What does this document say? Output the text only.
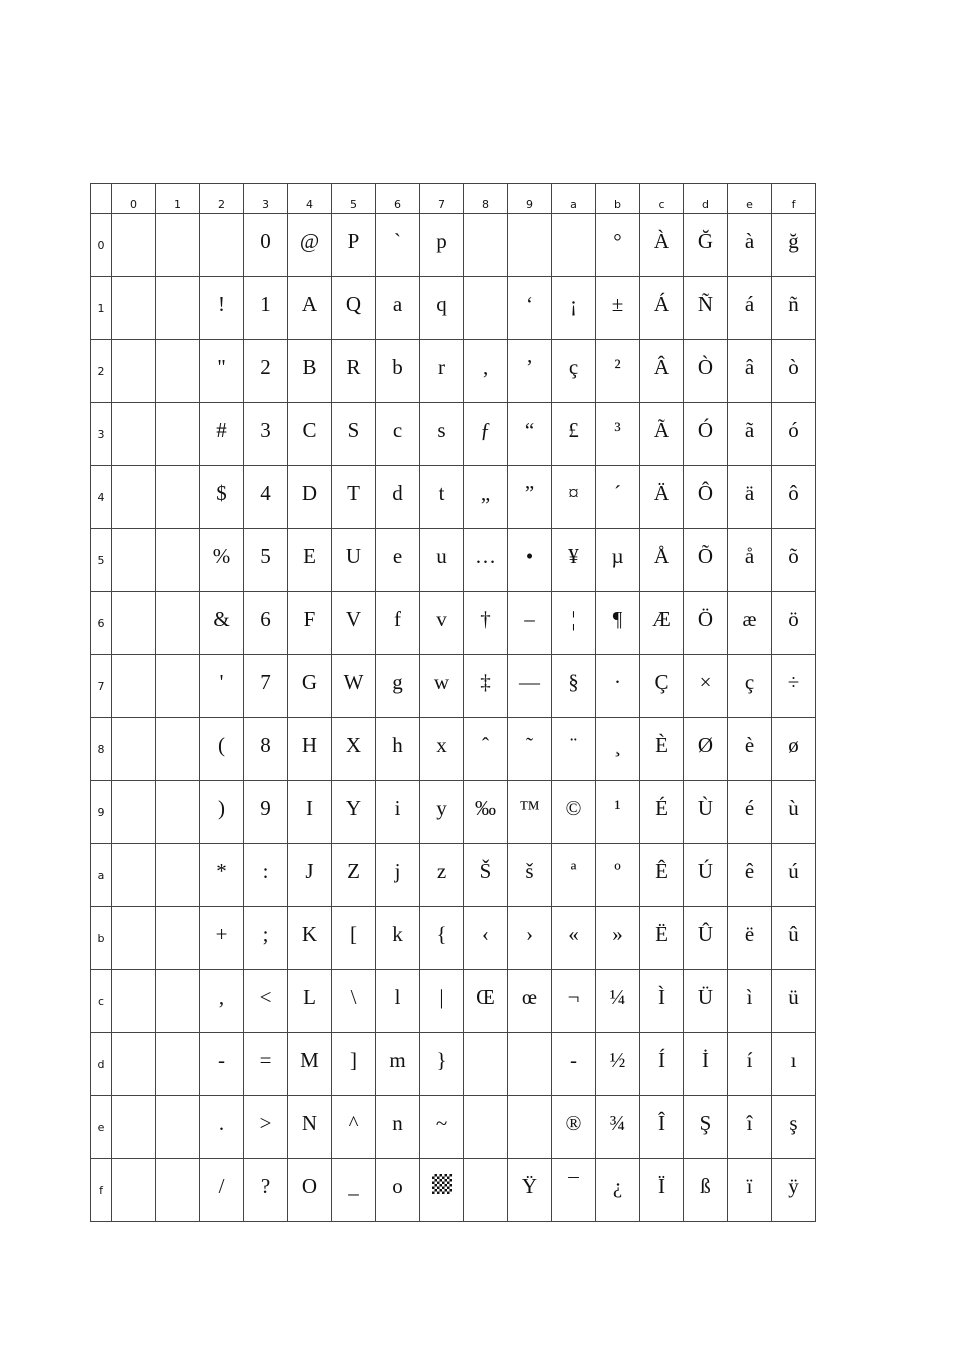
	0	1	2	3	4	5	6	7	8	9	a	b	c	d	e	f
0				0	@	P	`	p				°	À	Ğ	à	ğ
1			!	1	A	Q	a	q		‘	¡	±	Á	Ñ	á	ñ
2			"	2	B	R	b	r	‚	’	ç	²	Â	Ò	â	ò
3			#	3	C	S	c	s	ƒ	“	£	³	Ã	Ó	ã	ó
4			$	4	D	T	d	t	„	”	¤	´	Ä	Ô	ä	ô
5			%	5	E	U	e	u	…	•	¥	µ	Å	Õ	å	õ
6			&	6	F	V	f	v	†	–	¦	¶	Æ	Ö	æ	ö
7			'	7	G	W	g	w	‡	—	§	·	Ç	×	ç	÷
8			(	8	H	X	h	x	ˆ	˜	¨	¸	È	Ø	è	ø
9			)	9	I	Y	i	y	‰	™	©	¹	É	Ù	é	ù
a			*	:	J	Z	j	z	Š	š	ª	º	Ê	Ú	ê	ú
b			+	;	K	[	k	{	‹	›	«	»	Ë	Û	ë	û
c			,	<	L	\	l	|	Œ	œ	¬	¼	Ì	Ü	ì	ü
d			-	=	M	]	m	}			-	½	Í	İ	í	ı
e			.	>	N	^	n	~			®	¾	Î	Ş	î	ş
f			/	?	O	_	o			Ÿ	¯	¿	Ï	ß	ï	ÿ
